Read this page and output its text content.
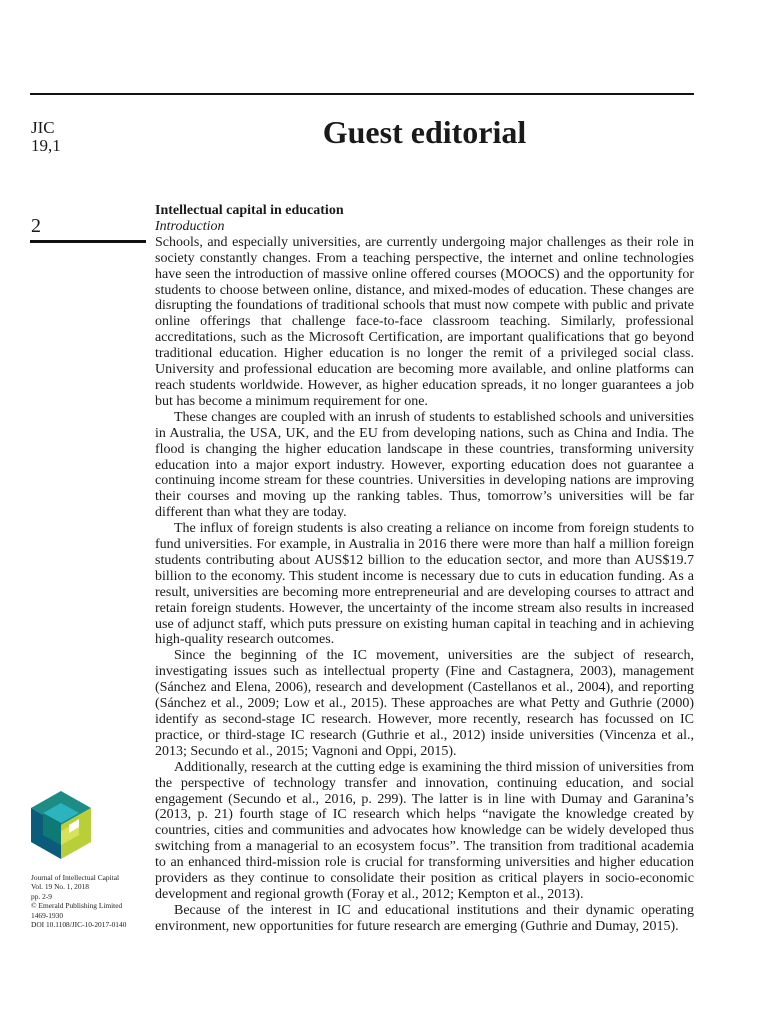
JIC
19,1	Guest editorial
2

Intellectual capital in education

Introduction

Schools, and especially universities, are currently undergoing major challenges as their role in society constantly changes. From a teaching perspective, the internet and online technologies have seen the introduction of massive online offered courses (MOOCS) and the opportunity for students to choose between online, distance, and mixed-modes of education. These changes are disrupting the foundations of traditional schools that must now compete with public and private online offerings that challenge face-to-face classroom teaching. Similarly, professional accreditations, such as the Microsoft Certification, are important qualifications that go beyond traditional education. Higher education is no longer the remit of a privileged social class. University and professional education are becoming more available, and online platforms can reach students worldwide. However, as higher education spreads, it no longer guarantees a job but has become a minimum requirement for one.

These changes are coupled with an inrush of students to established schools and universities in Australia, the USA, UK, and the EU from developing nations, such as China and India. The flood is changing the higher education landscape in these countries, transforming university education into a major export industry. However, exporting education does not guarantee a continuing income stream for these countries. Universities in developing nations are improving their courses and moving up the ranking tables. Thus, tomorrow’s universities will be far different than what they are today.

The influx of foreign students is also creating a reliance on income from foreign students to fund universities. For example, in Australia in 2016 there were more than half a million foreign students contributing about AUS$12 billion to the education sector, and more than AUS$19.7 billion to the economy. This student income is necessary due to cuts in education funding. As a result, universities are becoming more entrepreneurial and are developing courses to attract and retain foreign students. However, the uncertainty of the income stream also results in increased use of adjunct staff, which puts pressure on existing human capital in teaching and in achieving high-quality research outcomes.

Since the beginning of the IC movement, universities are the subject of research, investigating issues such as intellectual property (Fine and Castagnera, 2003), management (Sánchez and Elena, 2006), research and development (Castellanos et al., 2004), and reporting (Sánchez et al., 2009; Low et al., 2015). These approaches are what Petty and Guthrie (2000) identify as second-stage IC research. However, more recently, research has focussed on IC practice, or third-stage IC research (Guthrie et al., 2012) inside universities (Vincenza et al., 2013; Secundo et al., 2015; Vagnoni and Oppi, 2015).

Additionally, research at the cutting edge is examining the third mission of universities from the perspective of technology transfer and innovation, continuing education, and social engagement (Secundo et al., 2016, p. 299). The latter is in line with Dumay and Garanina’s (2013, p. 21) fourth stage of IC research which helps “navigate the knowledge created by countries, cities and communities and advocates how knowledge can be widely developed thus switching from a managerial to an ecosystem focus”. The transition from traditional academia to an enhanced third-mission role is crucial for transforming universities and higher education providers as they continue to consolidate their position as critical players in socio-economic development and regional growth (Foray et al., 2012; Kempton et al., 2013).

Because of the interest in IC and educational institutions and their dynamic operating environment, new opportunities for future research are emerging (Guthrie and Dumay, 2015).

Journal of Intellectual Capital
Vol. 19 No. 1, 2018
pp. 2-9
© Emerald Publishing Limited
1469-1930
DOI 10.1108/JIC-10-2017-0140
